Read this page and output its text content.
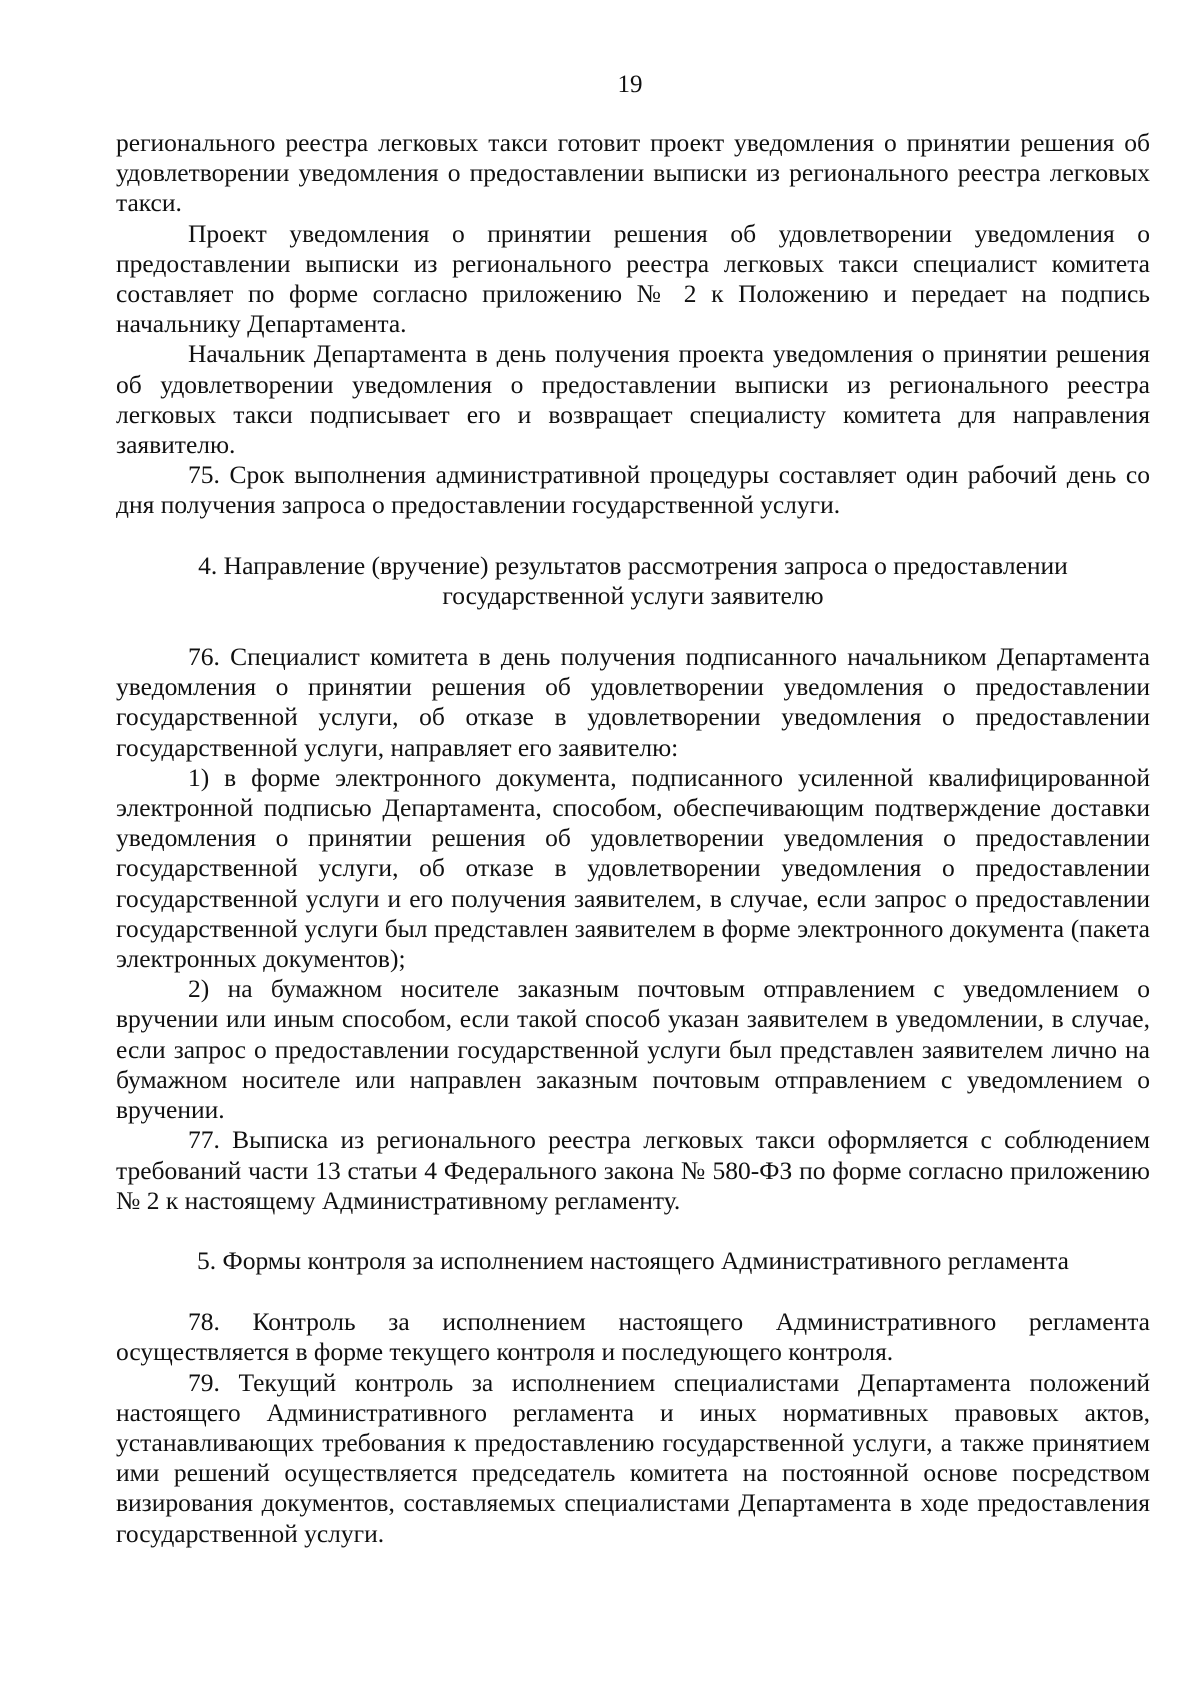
19

регионального реестра легковых такси готовит проект уведомления о принятии решения об удовлетворении уведомления о предоставлении выписки из регионального реестра легковых такси.

Проект уведомления о принятии решения об удовлетворении уведомления о предоставлении выписки из регионального реестра легковых такси специалист комитета составляет по форме согласно приложению № 2 к Положению и передает на подпись начальнику Департамента.

Начальник Департамента в день получения проекта уведомления о принятии решения об удовлетворении уведомления о предоставлении выписки из регионального реестра легковых такси подписывает его и возвращает специалисту комитета для направления заявителю.

75. Срок выполнения административной процедуры составляет один рабочий день со дня получения запроса о предоставлении государственной услуги.

4. Направление (вручение) результатов рассмотрения запроса о предоставлении

государственной услуги заявителю

76. Специалист комитета в день получения подписанного начальником Департамента уведомления о принятии решения об удовлетворении уведомления о предоставлении государственной услуги, об отказе в удовлетворении уведомления о предоставлении государственной услуги, направляет его заявителю:

1) в форме электронного документа, подписанного усиленной квалифицированной электронной подписью Департамента, способом, обеспечивающим подтверждение доставки уведомления о принятии решения об удовлетворении уведомления о предоставлении государственной услуги, об отказе в удовлетворении уведомления о предоставлении государственной услуги и его получения заявителем, в случае, если запрос о предоставлении государственной услуги был представлен заявителем в форме электронного документа (пакета электронных документов);

2) на бумажном носителе заказным почтовым отправлением с уведомлением о вручении или иным способом, если такой способ указан заявителем в уведомлении, в случае, если запрос о предоставлении государственной услуги был представлен заявителем лично на бумажном носителе или направлен заказным почтовым отправлением с уведомлением о вручении.

77. Выписка из регионального реестра легковых такси оформляется с соблюдением требований части 13 статьи 4 Федерального закона № 580-ФЗ по форме согласно приложению № 2 к настоящему Административному регламенту.

5. Формы контроля за исполнением настоящего Административного регламента

78. Контроль за исполнением настоящего Административного регламента осуществляется в форме текущего контроля и последующего контроля.

79. Текущий контроль за исполнением специалистами Департамента положений настоящего Административного регламента и иных нормативных правовых актов, устанавливающих требования к предоставлению государственной услуги, а также принятием ими решений осуществляется председатель комитета на постоянной основе посредством визирования документов, составляемых специалистами Департамента в ходе предоставления государственной услуги.
